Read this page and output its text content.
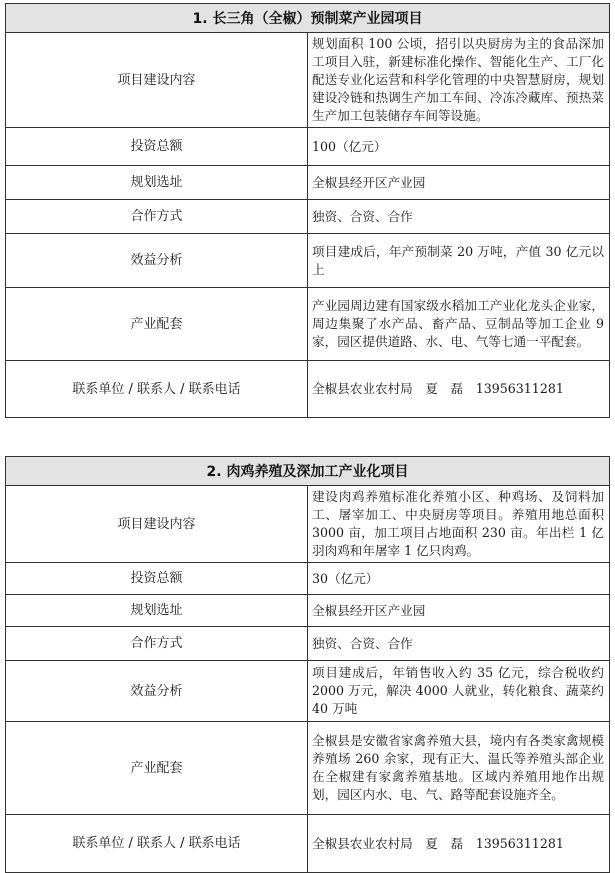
1. 长三角（全椒）预制菜产业园项目	
项目建设内容	规划面积 100 公顷，招引以央厨房为主的食品深加工项目入驻，新建标准化操作、智能化生产、工厂化配送专业化运营和科学化管理的中央智慧厨房，规划建设冷链和热调生产加工车间、冷冻冷藏库、预热菜生产加工包装储存车间等设施。
投资总额	100（亿元）
规划选址	全椒县经开区产业园
合作方式	独资、合资、合作
效益分析	项目建成后，年产预制菜 20 万吨，产值 30 亿元以上
产业配套	产业园周边建有国家级水稻加工产业化龙头企业家，周边集聚了水产品、畜产品、豆制品等加工企业 9 家，园区提供道路、水、电、气等七通一平配套。
联系单位 / 联系人 / 联系电话	全椒县农业农村局　夏　磊　13956311281
2. 肉鸡养殖及深加工产业化项目	
项目建设内容	建设肉鸡养殖标准化养殖小区、种鸡场、及饲料加工、屠宰加工、中央厨房等项目。养殖用地总面积 3000 亩，加工项目占地面积 230 亩。年出栏 1 亿羽肉鸡和年屠宰 1 亿只肉鸡。
投资总额	30（亿元）
规划选址	全椒县经开区产业园
合作方式	独资、合资、合作
效益分析	项目建成后，年销售收入约 35 亿元，综合税收约 2000 万元，解决 4000 人就业，转化粮食、蔬菜约 40 万吨
产业配套	全椒县是安徽省家禽养殖大县，境内有各类家禽规模养殖场 260 余家，现有正大、温氏等养殖头部企业在全椒建有家禽养殖基地。区域内养殖用地作出规划，园区内水、电、气、路等配套设施齐全。
联系单位 / 联系人 / 联系电话	全椒县农业农村局　夏　磊　13956311281
